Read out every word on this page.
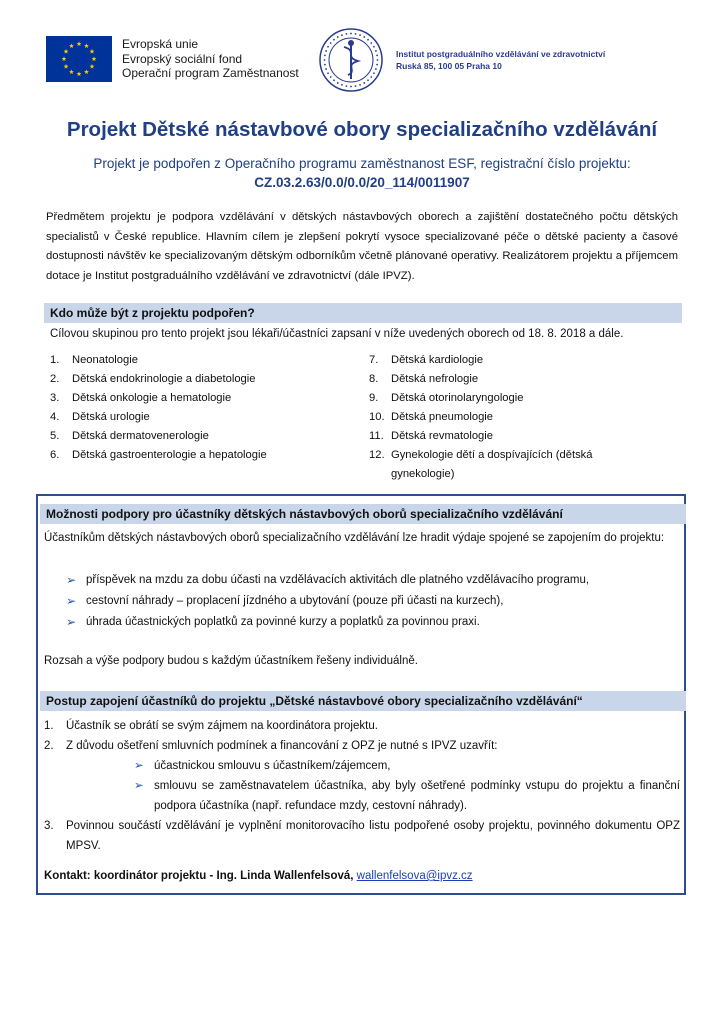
Evropská unie
Evropský sociální fond
Operační program Zaměstnanost
Institut postgraduálního vzdělávání ve zdravotnictví
Ruská 85, 100 05 Praha 10
Projekt Dětské nástavbové obory specializačního vzdělávání
Projekt je podpořen z Operačního programu zaměstnanost ESF, registrační číslo projektu:
CZ.03.2.63/0.0/0.0/20_114/0011907
Předmětem projektu je podpora vzdělávání v dětských nástavbových oborech a zajištění dostatečného počtu dětských specialistů v České republice. Hlavním cílem je zlepšení pokrytí vysoce specializované péče o dětské pacienty a časové dostupnosti návštěv ke specializovaným dětským odborníkům včetně plánované operativy. Realizátorem projektu a příjemcem dotace je Institut postgraduálního vzdělávání ve zdravotnictví (dále IPVZ).
Kdo může být z projektu podpořen?
Cílovou skupinou pro tento projekt jsou lékaři/účastníci zapsaní v níže uvedených oborech od 18. 8. 2018 a dále.
1. Neonatologie
2. Dětská endokrinologie a diabetologie
3. Dětská onkologie a hematologie
4. Dětská urologie
5. Dětská dermatovenerologie
6. Dětská gastroenterologie a hepatologie
7. Dětská kardiologie
8. Dětská nefrologie
9. Dětská otorinolaryngologie
10. Dětská pneumologie
11. Dětská revmatologie
12. Gynekologie dětí a dospívajících (dětská gynekologie)
Možnosti podpory pro účastníky dětských nástavbových oborů specializačního vzdělávání
Účastníkům dětských nástavbových oborů specializačního vzdělávání lze hradit výdaje spojené se zapojením do projektu:
➢ příspěvek na mzdu za dobu účasti na vzdělávacích aktivitách dle platného vzdělávacího programu,
➢ cestovní náhrady – proplacení jízdného a ubytování (pouze při účasti na kurzech),
➢ úhrada účastnických poplatků za povinné kurzy a poplatků za povinnou praxi.
Rozsah a výše podpory budou s každým účastníkem řešeny individuálně.
Postup zapojení účastníků do projektu „Dětské nástavbové obory specializačního vzdělávání“
1. Účastník se obrátí se svým zájmem na koordinátora projektu.
2. Z důvodu ošetření smluvních podmínek a financování z OPZ je nutné s IPVZ uzavřít:
➢ účastnickou smlouvu s účastníkem/zájemcem,
➢ smlouvu se zaměstnavatelem účastníka, aby byly ošetřené podmínky vstupu do projektu a finanční podpora účastníka (např. refundace mzdy, cestovní náhrady).
3. Povinnou součástí vzdělávání je vyplnění monitorovacího listu podpořené osoby projektu, povinného dokumentu OPZ MPSV.
Kontakt: koordinátor projektu - Ing. Linda Wallenfelsová, wallenfelsova@ipvz.cz
